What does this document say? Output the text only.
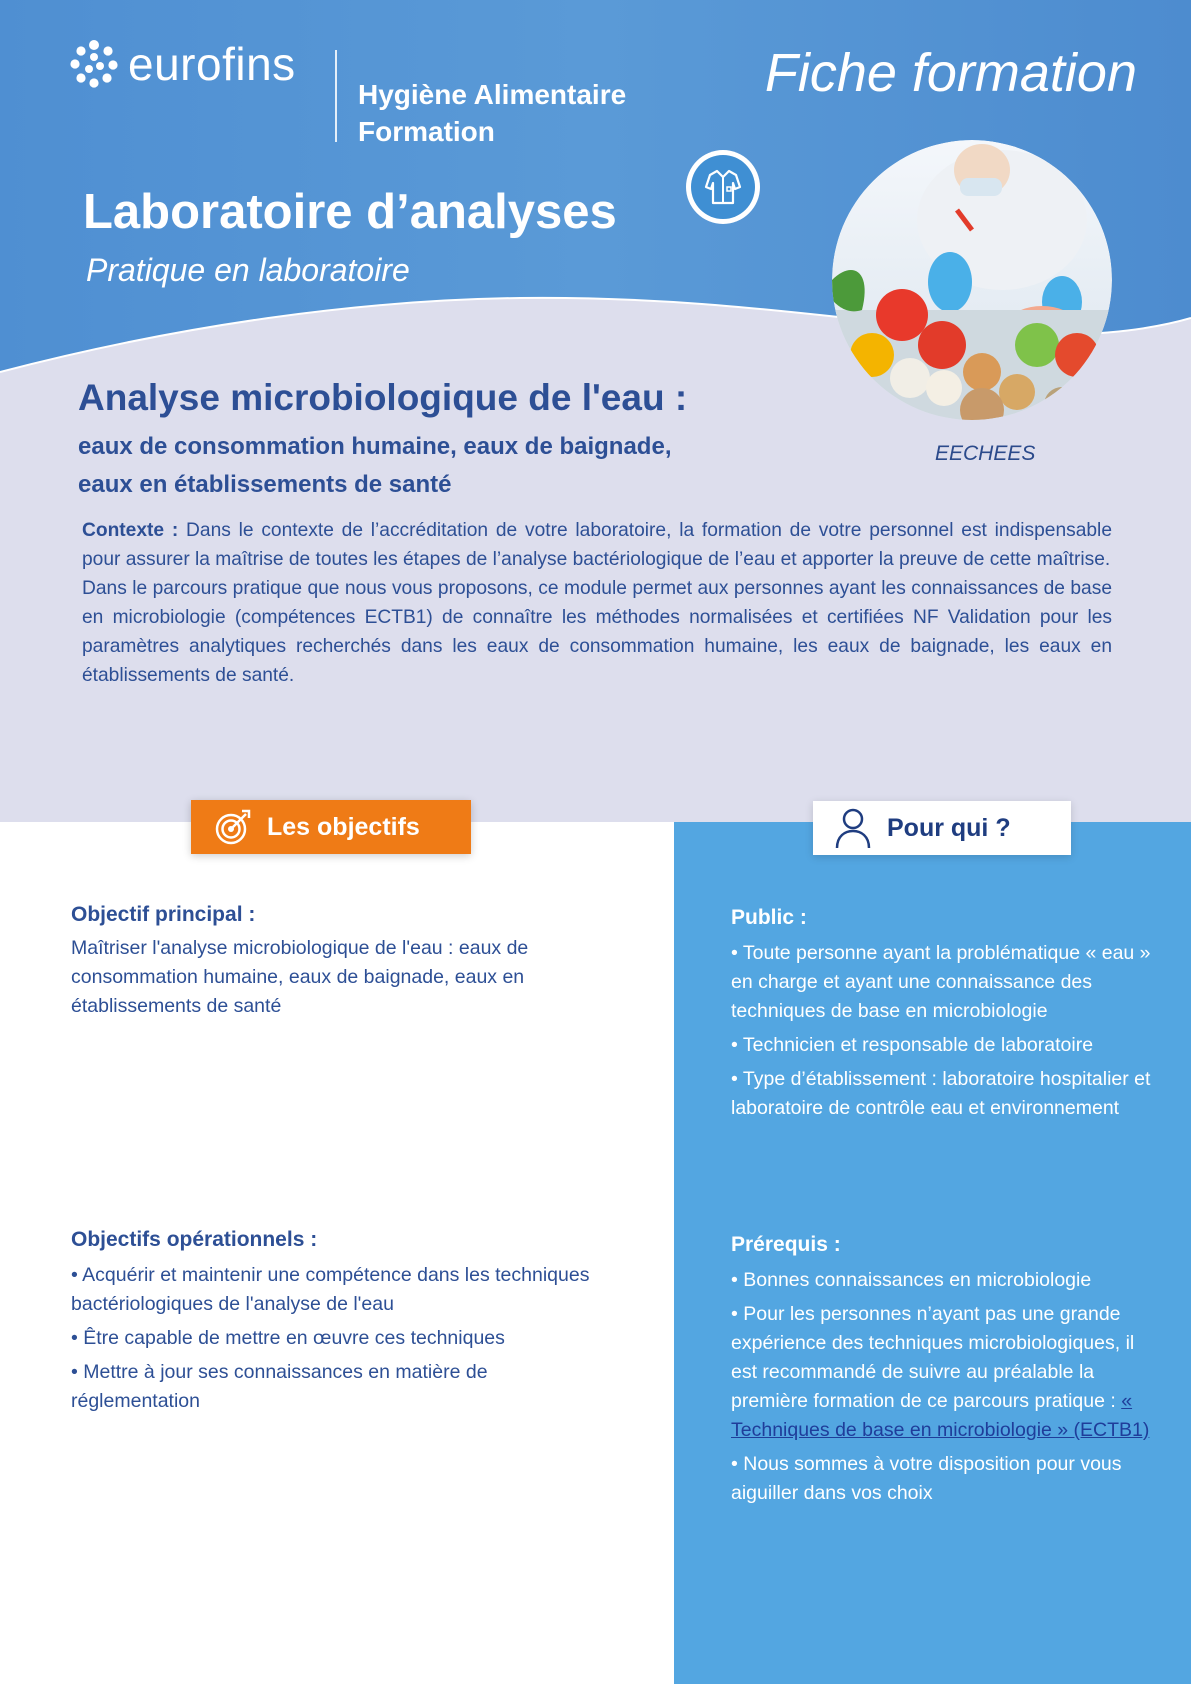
eurofins
Hygiène Alimentaire
Formation
Fiche formation
Laboratoire d’analyses
Pratique en laboratoire
EECHEES
Analyse microbiologique de l'eau :
eaux de consommation humaine, eaux de baignade,
eaux en établissements de santé

Contexte : Dans le contexte de l’accréditation de votre laboratoire, la formation de votre personnel est indispensable pour assurer la maîtrise de toutes les étapes de l’analyse bactériologique de l’eau et apporter la preuve de cette maîtrise.

Dans le parcours pratique que nous vous proposons, ce module permet aux personnes ayant les connaissances de base en microbiologie (compétences ECTB1) de connaître les méthodes normalisées et certifiées NF Validation pour les paramètres analytiques recherchés dans les eaux de consommation humaine, les eaux de baignade, les eaux en établissements de santé.

Les objectifs	Pour qui ?
Objectif principal :
Maîtriser l'analyse microbiologique de l'eau : eaux de consommation humaine, eaux de baignade, eaux en établissements de santé
Objectifs opérationnels :
• Acquérir et maintenir une compétence dans les techniques bactériologiques de l'analyse de l'eau
• Être capable de mettre en œuvre ces techniques
• Mettre à jour ses connaissances en matière de réglementation
Public :
• Toute personne ayant la problématique « eau » en charge et ayant une connaissance des techniques de base en microbiologie
• Technicien et responsable de laboratoire
• Type d’établissement : laboratoire hospitalier et laboratoire de contrôle eau et environnement
Prérequis :
• Bonnes connaissances en microbiologie
• Pour les personnes n’ayant pas une grande expérience des techniques microbiologiques, il est recommandé de suivre au préalable la première formation de ce parcours pratique : « Techniques de base en microbiologie » (ECTB1)
• Nous sommes à votre disposition pour vous aiguiller dans vos choix
